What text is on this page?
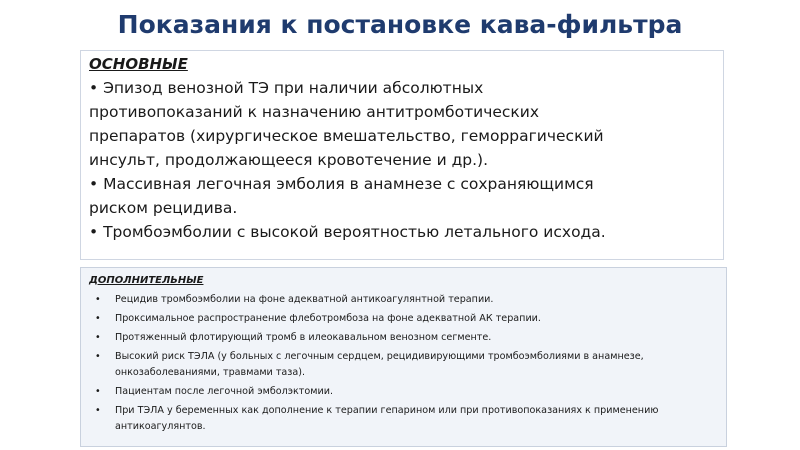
Показания к постановке кава-фильтра
ОСНОВНЫЕ
• Эпизод венозной ТЭ при наличии абсолютных
противопоказаний к назначению антитромботических
препаратов (хирургическое вмешательство, геморрагический
инсульт, продолжающееся кровотечение и др.).
• Массивная легочная эмболия в анамнезе с сохраняющимся
риском рецидива.
• Тромбоэмболии с высокой вероятностью летального исхода.
ДОПОЛНИТЕЛЬНЫЕ
•	Рецидив тромбоэмболии на фоне адекватной антикоагулянтной терапии.
•	Проксимальное распространение флеботромбоза на фоне адекватной АК терапии.
•	Протяженный флотирующий тромб в илеокавальном венозном сегменте.
•	Высокий риск ТЭЛА (у больных с легочным сердцем, рецидивирующими тромбоэмболиями в анамнезе, онкозаболеваниями, травмами таза).
•	Пациентам после легочной эмболэктомии.
•	При ТЭЛА у беременных как дополнение к терапии гепарином или при противопоказаниях к применению антикоагулянтов.
